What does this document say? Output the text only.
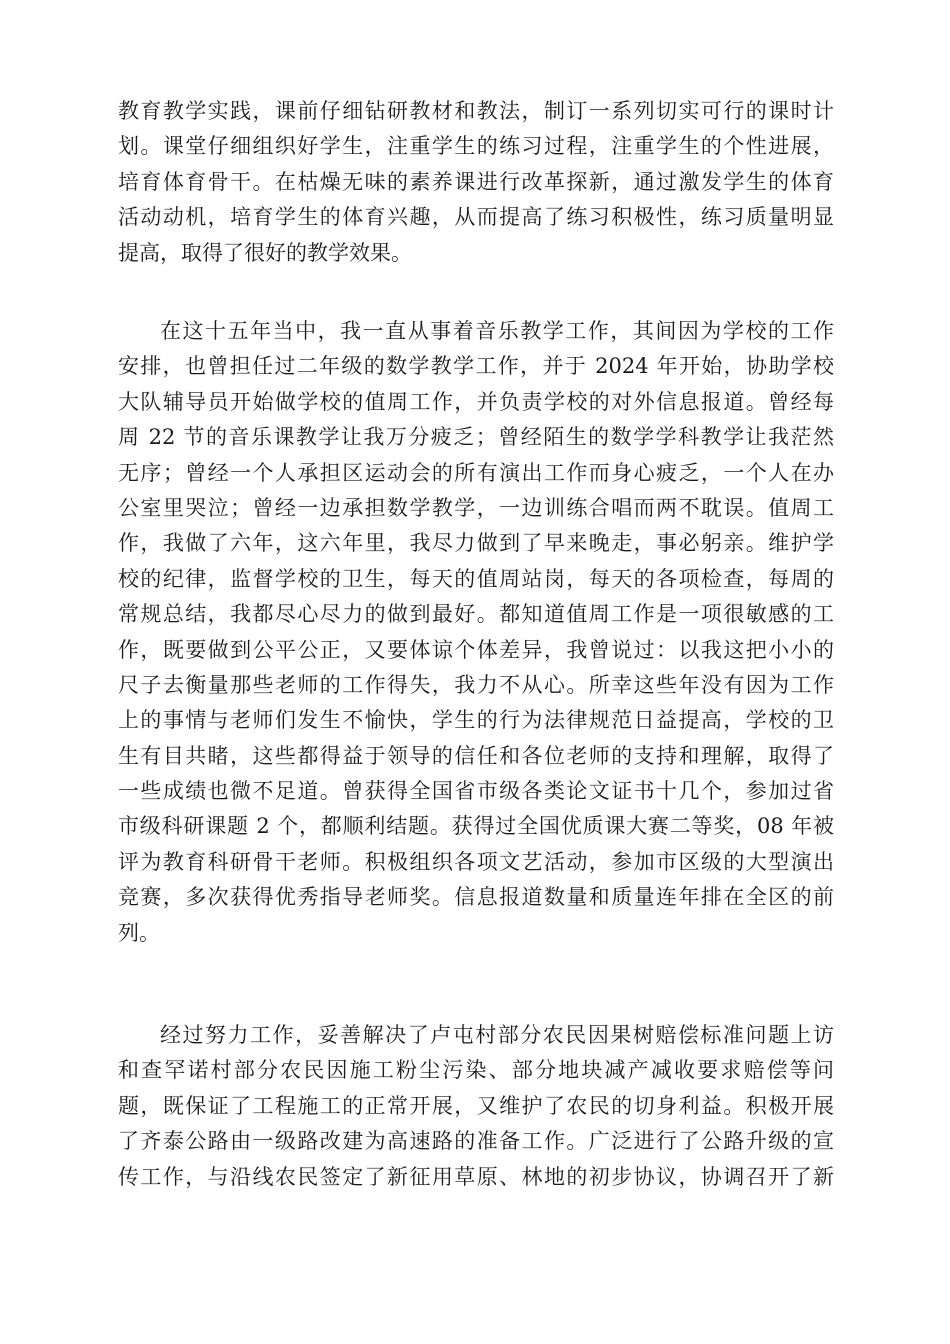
教育教学实践，课前仔细钻研教材和教法，制订一系列切实可行的课时计
划。课堂仔细组织好学生，注重学生的练习过程，注重学生的个性进展，
培育体育骨干。在枯燥无味的素养课进行改革探新，通过激发学生的体育
活动动机，培育学生的体育兴趣，从而提高了练习积极性，练习质量明显
提高，取得了很好的教学效果。
在这十五年当中，我一直从事着音乐教学工作，其间因为学校的工作
安排，也曾担任过二年级的数学教学工作，并于 2024 年开始，协助学校
大队辅导员开始做学校的值周工作，并负责学校的对外信息报道。曾经每
周 22 节的音乐课教学让我万分疲乏；曾经陌生的数学学科教学让我茫然
无序；曾经一个人承担区运动会的所有演出工作而身心疲乏，一个人在办
公室里哭泣；曾经一边承担数学教学，一边训练合唱而两不耽误。值周工
作，我做了六年，这六年里，我尽力做到了早来晚走，事必躬亲。维护学
校的纪律，监督学校的卫生，每天的值周站岗，每天的各项检查，每周的
常规总结，我都尽心尽力的做到最好。都知道值周工作是一项很敏感的工
作，既要做到公平公正，又要体谅个体差异，我曾说过：以我这把小小的
尺子去衡量那些老师的工作得失，我力不从心。所幸这些年没有因为工作
上的事情与老师们发生不愉快，学生的行为法律规范日益提高，学校的卫
生有目共睹，这些都得益于领导的信任和各位老师的支持和理解，取得了
一些成绩也微不足道。曾获得全国省市级各类论文证书十几个，参加过省
市级科研课题 2 个，都顺利结题。获得过全国优质课大赛二等奖，08 年被
评为教育科研骨干老师。积极组织各项文艺活动，参加市区级的大型演出
竞赛，多次获得优秀指导老师奖。信息报道数量和质量连年排在全区的前
列。
经过努力工作，妥善解决了卢屯村部分农民因果树赔偿标准问题上访
和查罕诺村部分农民因施工粉尘污染、部分地块减产减收要求赔偿等问
题，既保证了工程施工的正常开展，又维护了农民的切身利益。积极开展
了齐泰公路由一级路改建为高速路的准备工作。广泛进行了公路升级的宣
传工作，与沿线农民签定了新征用草原、林地的初步协议，协调召开了新
